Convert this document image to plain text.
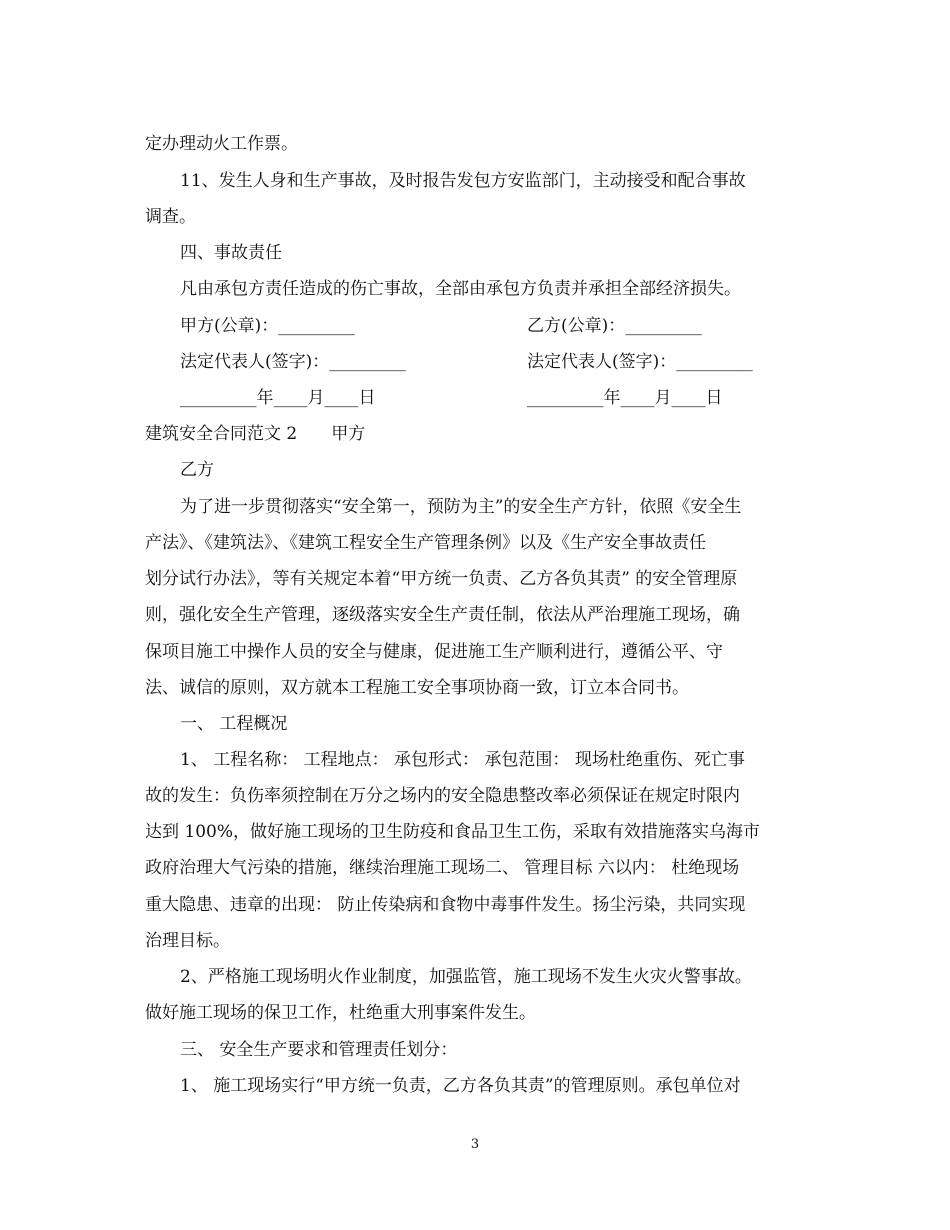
定办理动火工作票。
11、发生人身和生产事故，及时报告发包方安监部门，主动接受和配合事故
调查。
四、事故责任
凡由承包方责任造成的伤亡事故，全部由承包方负责并承担全部经济损失。
甲方(公章)：_________	乙方(公章)：_________
法定代表人(签字)：_________	法定代表人(签字)：_________
_________年____月____日	_________年____月____日
建筑安全合同范文 2　　甲方
乙方
为了进一步贯彻落实“安全第一，预防为主”的安全生产方针，依照《安全生
产法》、《建筑法》、《建筑工程安全生产管理条例》以及《生产安全事故责任
划分试行办法》，等有关规定本着“甲方统一负责、乙方各负其责” 的安全管理原
则，强化安全生产管理，逐级落实安全生产责任制，依法从严治理施工现场，确
保项目施工中操作人员的安全与健康，促进施工生产顺利进行，遵循公平、守
法、诚信的原则，双方就本工程施工安全事项协商一致，订立本合同书。
一、 工程概况
1、 工程名称： 工程地点： 承包形式： 承包范围： 现场杜绝重伤、死亡事
故的发生：负伤率须控制在万分之场内的安全隐患整改率必须保证在规定时限内
达到 100%，做好施工现场的卫生防疫和食品卫生工伤，采取有效措施落实乌海市
政府治理大气污染的措施，继续治理施工现场二、 管理目标 六以内： 杜绝现场
重大隐患、违章的出现： 防止传染病和食物中毒事件发生。扬尘污染，共同实现
治理目标。
2、严格施工现场明火作业制度，加强监管，施工现场不发生火灾火警事故。
做好施工现场的保卫工作，杜绝重大刑事案件发生。
三、 安全生产要求和管理责任划分：
1、 施工现场实行“甲方统一负责，乙方各负其责”的管理原则。承包单位对
3
